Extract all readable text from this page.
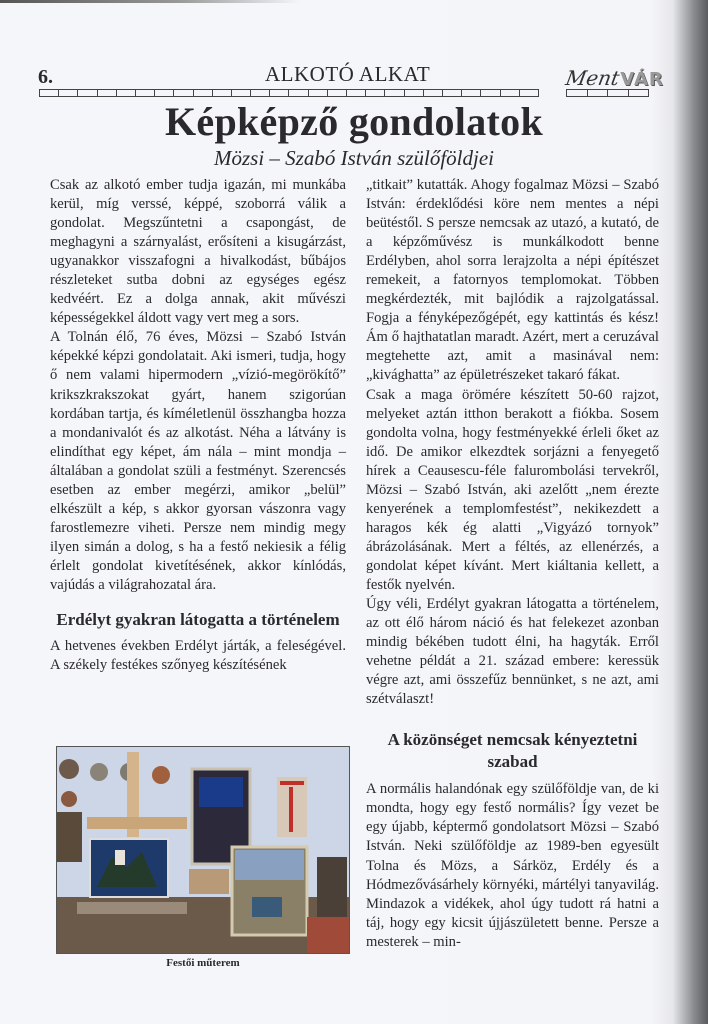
6.	ALKOTÓ ALKAT	Ment
VÁR
Képképző gondolatok
Mözsi – Szabó István szülőföldjei

Csak az alkotó ember tudja igazán, mi munkába kerül, míg verssé, képpé, szoborrá válik a gondolat. Megszűntetni a csapongást, de meghagyni a szárnyalást, erősíteni a kisugárzást, ugyanakkor visszafogni a hivalkodást, bűbájos részleteket sutba dobni az egységes egész kedvéért. Ez a dolga annak, akit művészi képességekkel áldott vagy vert meg a sors.

A Tolnán élő, 76 éves, Mözsi – Szabó István képekké képzi gondolatait. Aki ismeri, tudja, hogy ő nem valami hipermodern „vízió-megörökítő” krikszkrakszokat gyárt, hanem szigorúan kordában tartja, és kíméletlenül összhangba hozza a mondanivalót és az alkotást. Néha a látvány is elindíthat egy képet, ám nála – mint mondja – általában a gondolat szüli a festményt. Szerencsés esetben az ember megérzi, amikor „belül” elkészült a kép, s akkor gyorsan vászonra vagy farostlemezre viheti. Persze nem mindig megy ilyen simán a dolog, s ha a festő nekiesik a félig érlelt gondolat kivetítésének, akkor kínlódás, vajúdás a világrahozatal ára.

Erdélyt gyakran látogatta a történelem

A hetvenes években Erdélyt járták, a feleségével. A székely festékes szőnyeg készítésének

Festői műterem

„titkait” kutatták. Ahogy fogalmaz Mözsi – Szabó István: érdeklődési köre nem mentes a népi beütéstől. S persze nemcsak az utazó, a kutató, de a képzőművész is munkálkodott benne Erdélyben, ahol sorra lerajzolta a népi építészet remekeit, a fatornyos templomokat. Többen megkérdezték, mit bajlódik a rajzolgatással. Fogja a fényképezőgépét, egy kattintás és kész! Ám ő hajthatatlan maradt. Azért, mert a ceruzával megtehette azt, amit a masinával nem: „kivághatta” az épületrészeket takaró fákat.

Csak a maga örömére készített 50-60 rajzot, melyeket aztán itthon berakott a fiókba. Sosem gondolta volna, hogy festményekké érleli őket az idő. De amikor elkezdtek sorjázni a fenyegető hírek a Ceausescu-féle falurombolási tervekről, Mözsi – Szabó István, aki azelőtt „nem érezte kenyerének a templomfestést”, nekikezdett a haragos kék ég alatti „Vigyázó tornyok” ábrázolásának. Mert a féltés, az ellenérzés, a gondolat képet kívánt. Mert kiáltania kellett, a festők nyelvén.

Úgy véli, Erdélyt gyakran látogatta a történelem, az ott élő három náció és hat felekezet azonban mindig békében tudott élni, ha hagyták. Erről vehetne példát a 21. század embere: keressük végre azt, ami összefűz bennünket, s ne azt, ami szétválaszt!

A közönséget nemcsak kényeztetni szabad

A normális halandónak egy szülőföldje van, de ki mondta, hogy egy festő normális? Így vezet be egy újabb, képtermő gondolatsort Mözsi – Szabó István. Neki szülőföldje az 1989-ben egyesült Tolna és Mözs, a Sárköz, Erdély és a Hódmezővásárhely környéki, mártélyi tanyavilág. Mindazok a vidékek, ahol úgy tudott rá hatni a táj, hogy egy kicsit újjászületett benne. Persze a mesterek – min-
